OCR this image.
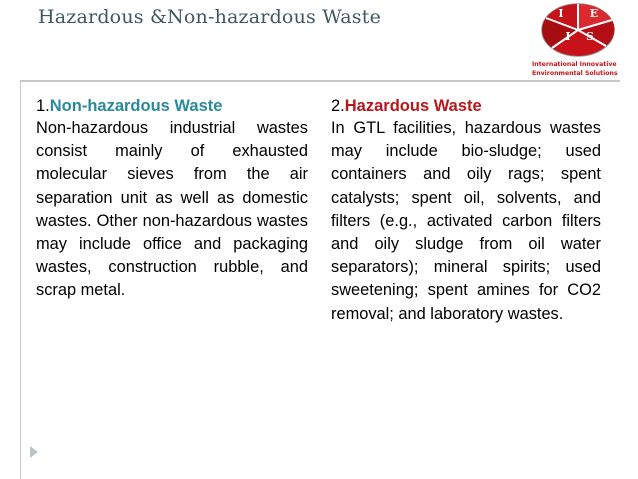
Hazardous &Non-hazardous Waste	I E
I S
International Innovative
Environmental Solutions
1.Non-hazardous Waste
Non-hazardous industrial wastes consist mainly of exhausted molecular sieves from the air separation unit as well as domestic wastes. Other non-hazardous wastes may include office and packaging wastes, construction rubble, and scrap metal.
2.Hazardous Waste
In GTL facilities, hazardous wastes may include bio-sludge; used containers and oily rags; spent catalysts; spent oil, solvents, and filters (e.g., activated carbon filters and oily sludge from oil water separators); mineral spirits; used sweetening; spent amines for CO2 removal; and laboratory wastes.
